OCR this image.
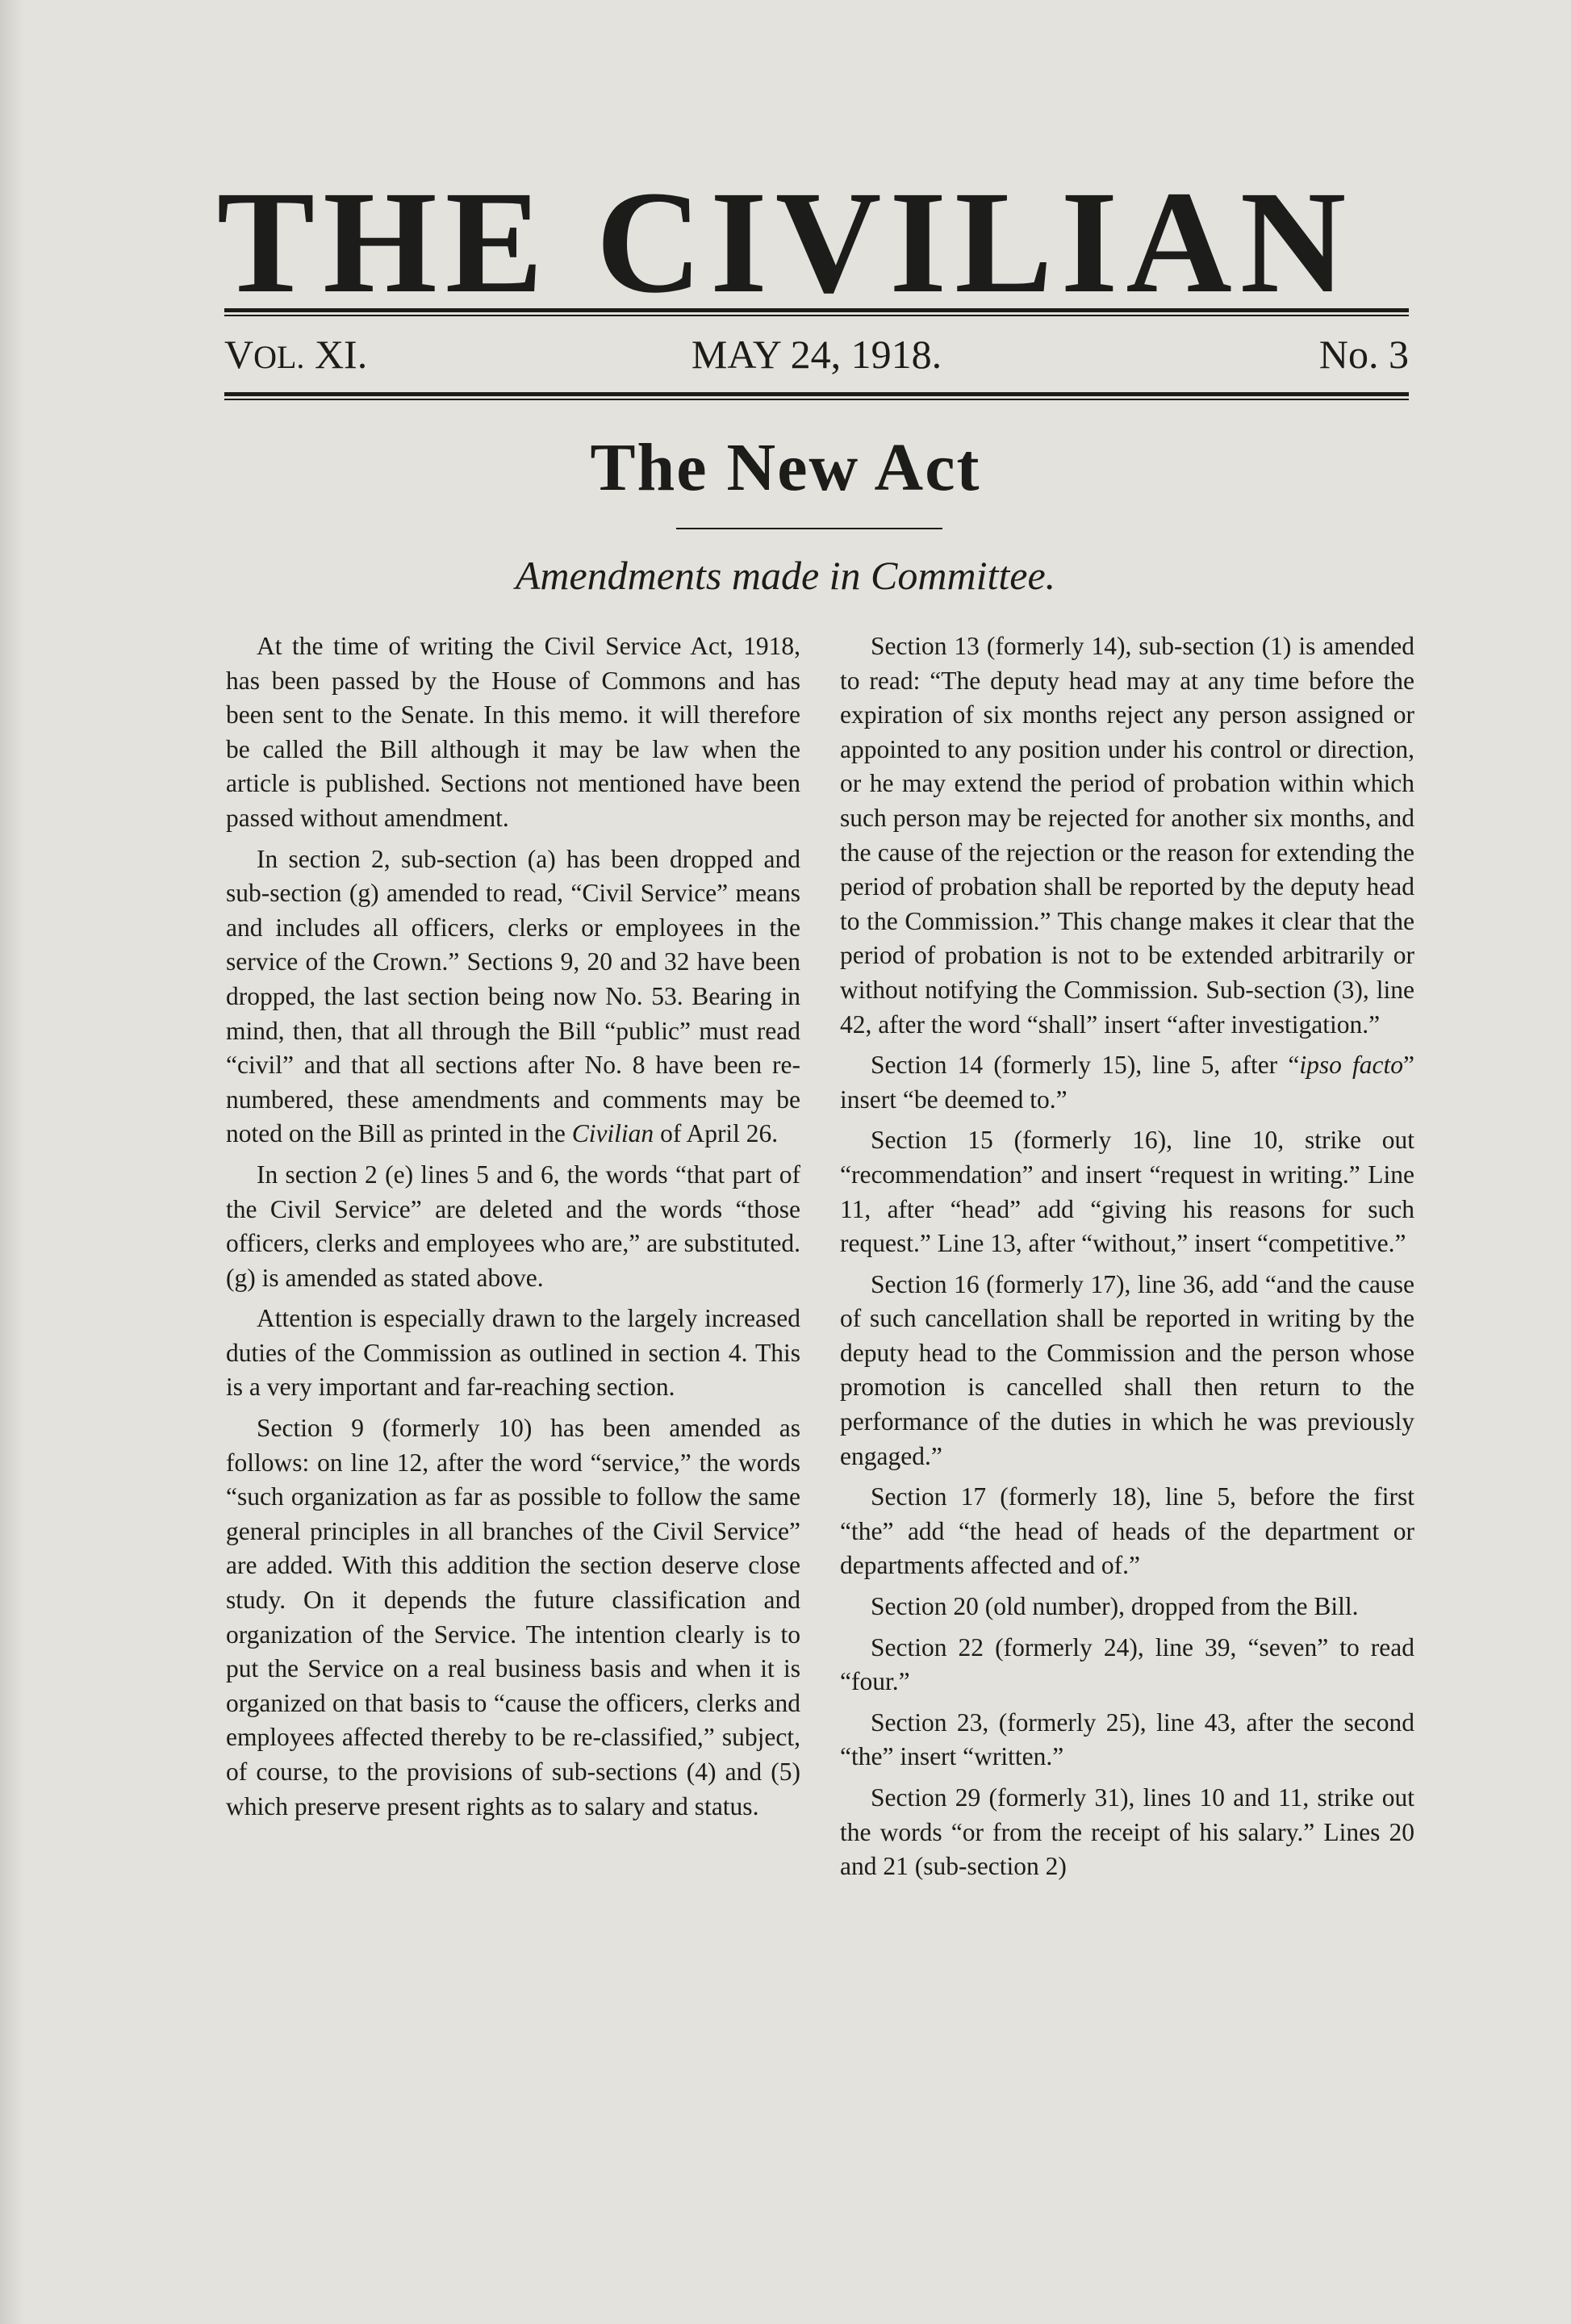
THE CIVILIAN
VOL. XI.	MAY 24, 1918.	No. 3
The New Act
Amendments made in Committee.

At the time of writing the Civil Service Act, 1918, has been passed by the House of Commons and has been sent to the Senate. In this memo. it will therefore be called the Bill although it may be law when the article is published. Sections not mentioned have been passed without amendment.

In section 2, sub-section (a) has been dropped and sub-section (g) amended to read, “Civil Service” means and includes all officers, clerks or employees in the service of the Crown.” Sections 9, 20 and 32 have been dropped, the last section being now No. 53. Bearing in mind, then, that all through the Bill “public” must read “civil” and that all sections after No. 8 have been re-numbered, these amendments and comments may be noted on the Bill as printed in the Civilian of April 26.

In section 2 (e) lines 5 and 6, the words “that part of the Civil Service” are deleted and the words “those officers, clerks and employees who are,” are substituted. (g) is amended as stated above.

Attention is especially drawn to the largely increased duties of the Commission as outlined in section 4. This is a very important and far-reaching section.

Section 9 (formerly 10) has been amended as follows: on line 12, after the word “service,” the words “such organization as far as possible to follow the same general principles in all branches of the Civil Service” are added. With this addition the section deserve close study. On it depends the future classification and organization of the Service. The intention clearly is to put the Service on a real business basis and when it is organized on that basis to “cause the officers, clerks and employees affected thereby to be re-classified,” subject, of course, to the provisions of sub-sections (4) and (5) which preserve present rights as to salary and status.

Section 13 (formerly 14), sub-section (1) is amended to read: “The deputy head may at any time before the expiration of six months reject any person assigned or appointed to any position under his control or direction, or he may extend the period of probation within which such person may be rejected for another six months, and the cause of the rejection or the reason for extending the period of probation shall be reported by the deputy head to the Commission.” This change makes it clear that the period of probation is not to be extended arbitrarily or without notifying the Commission. Sub-section (3), line 42, after the word “shall” insert “after investigation.”

Section 14 (formerly 15), line 5, after “ipso facto” insert “be deemed to.”

Section 15 (formerly 16), line 10, strike out “recommendation” and insert “request in writing.” Line 11, after “head” add “giving his reasons for such request.” Line 13, after “without,” insert “competitive.”

Section 16 (formerly 17), line 36, add “and the cause of such cancellation shall be reported in writing by the deputy head to the Commission and the person whose promotion is cancelled shall then return to the performance of the duties in which he was previously engaged.”

Section 17 (formerly 18), line 5, before the first “the” add “the head of heads of the department or departments affected and of.”

Section 20 (old number), dropped from the Bill.

Section 22 (formerly 24), line 39, “seven” to read “four.”

Section 23, (formerly 25), line 43, after the second “the” insert “written.”

Section 29 (formerly 31), lines 10 and 11, strike out the words “or from the receipt of his salary.” Lines 20 and 21 (sub-section 2)
